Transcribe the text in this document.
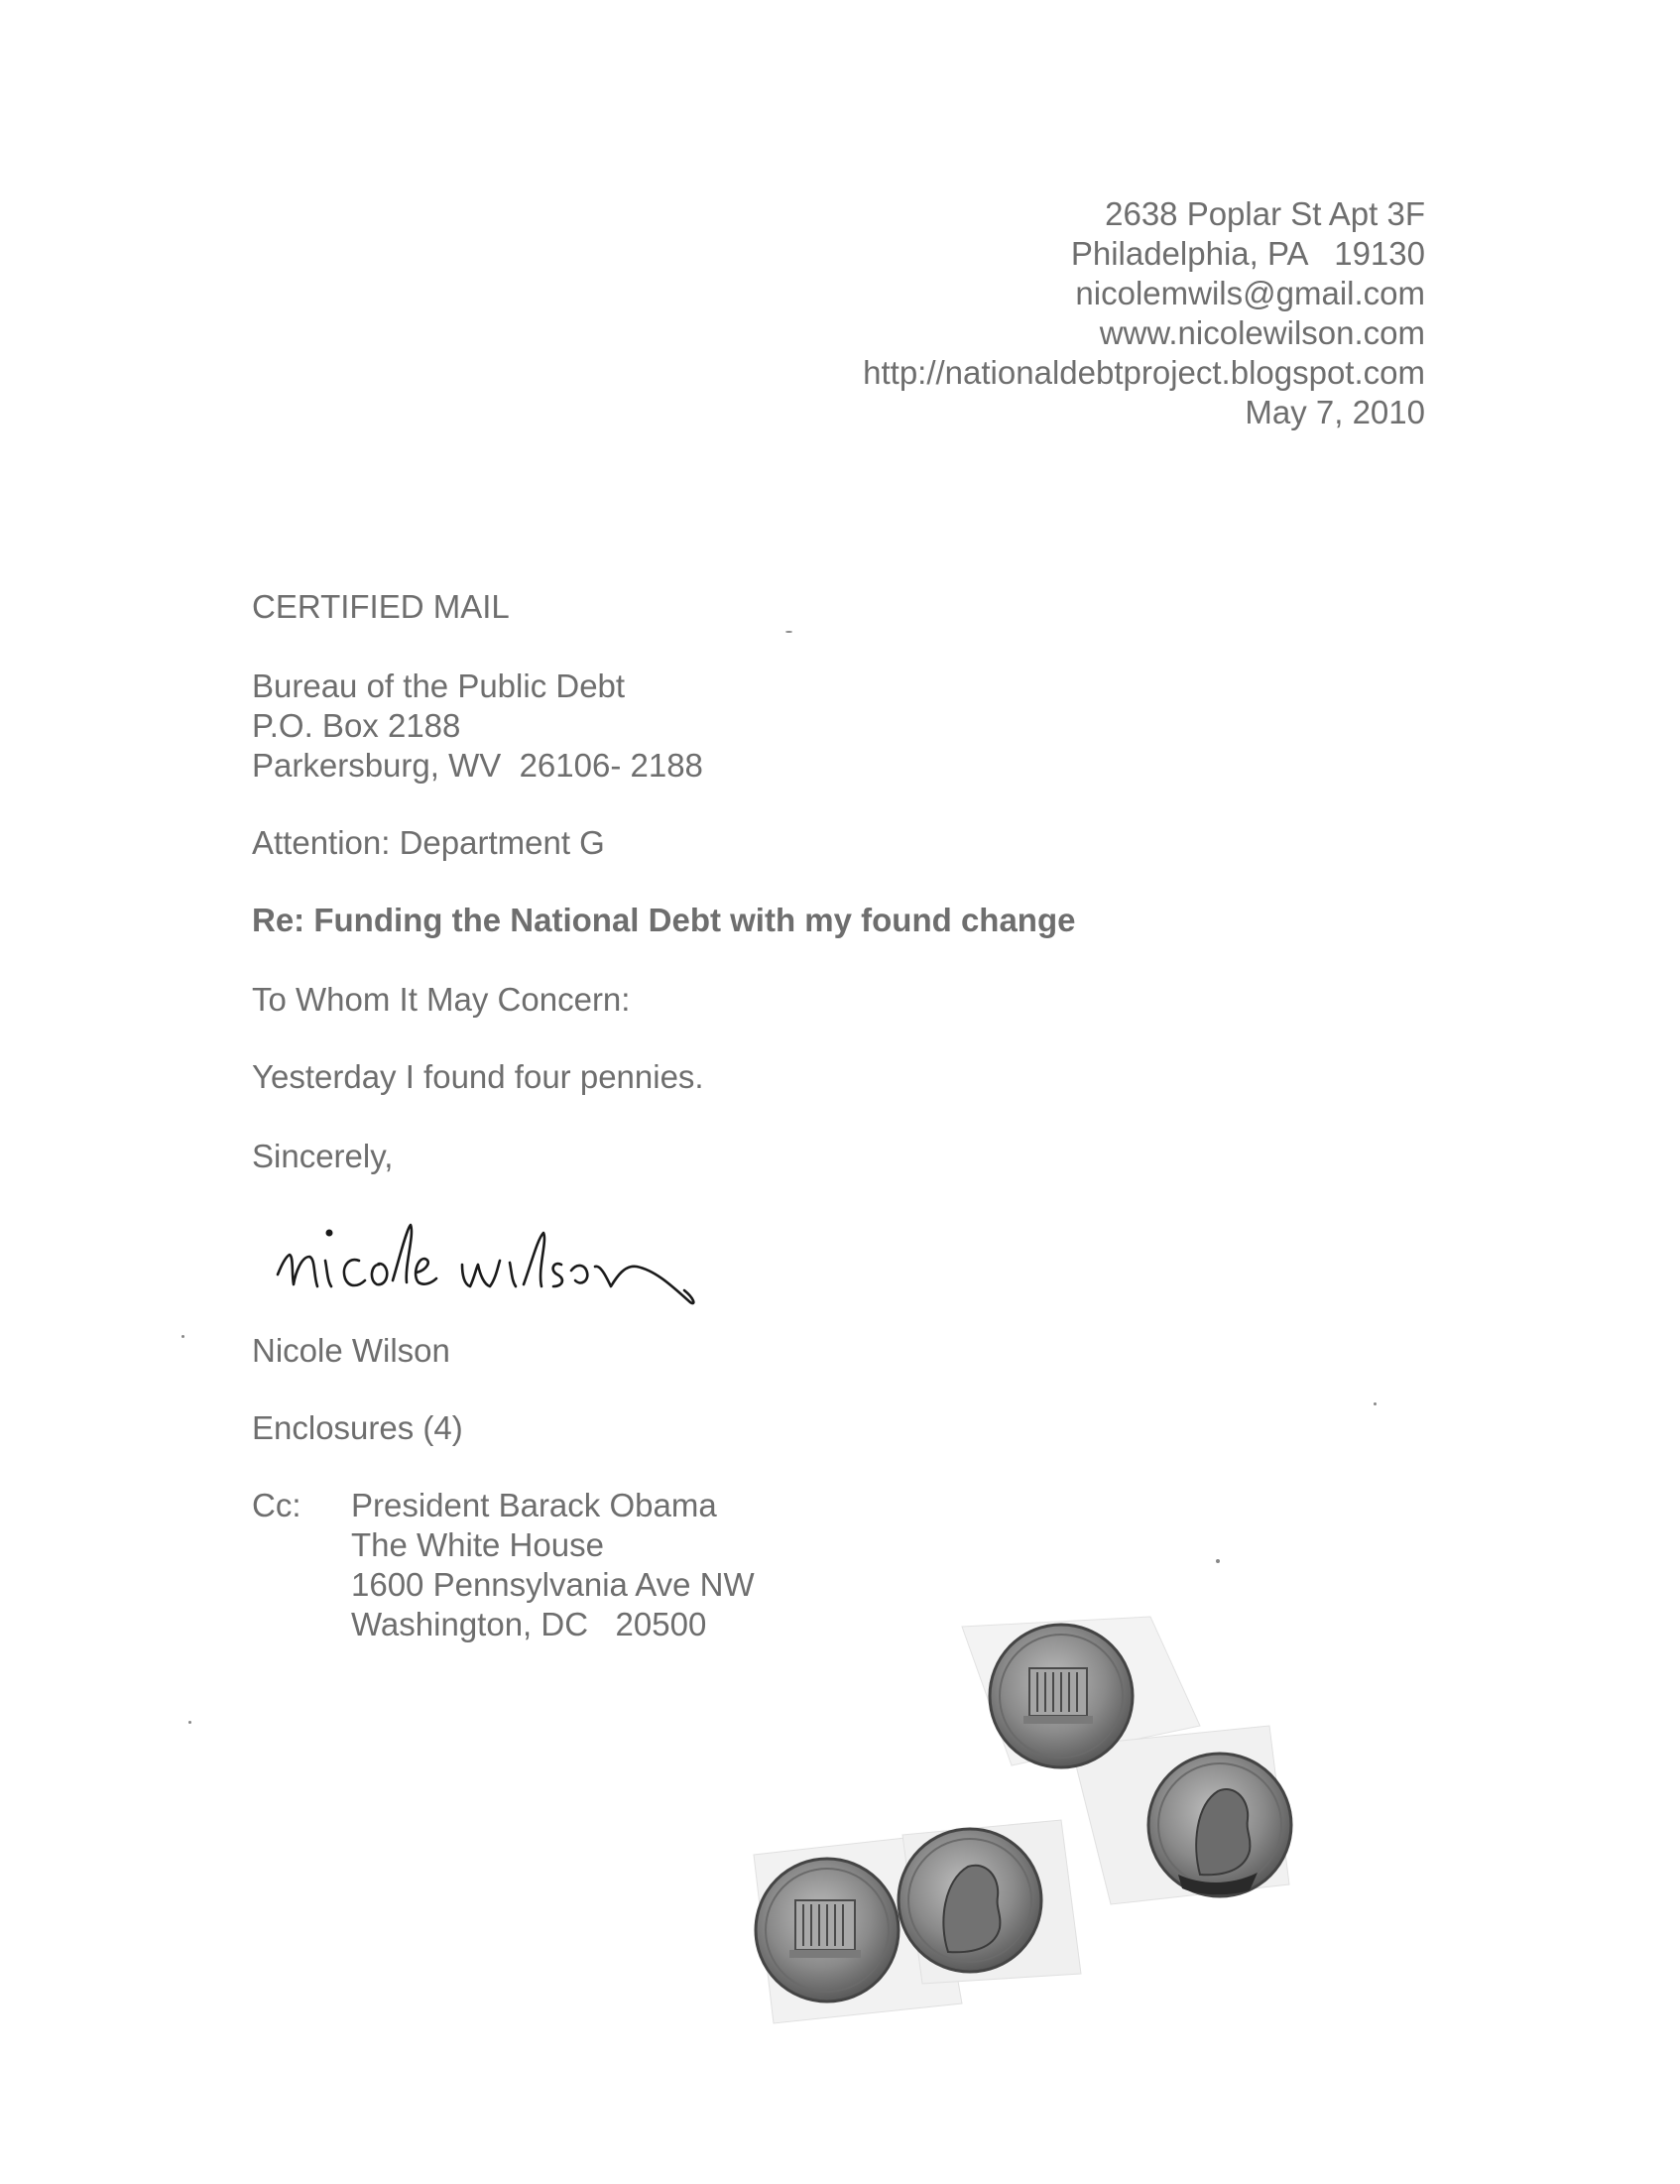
2638 Poplar St Apt 3F
Philadelphia, PA   19130
nicolemwils@gmail.com
www.nicolewilson.com
http://nationaldebtproject.blogspot.com
May 7, 2010
CERTIFIED MAIL
Bureau of the Public Debt
P.O. Box 2188
Parkersburg, WV  26106- 2188
Attention: Department G
Re: Funding the National Debt with my found change
To Whom It May Concern:
Yesterday I found four pennies.
Sincerely,
Nicole Wilson
Enclosures (4)
Cc: President Barack Obama
The White House
1600 Pennsylvania Ave NW
Washington, DC   20500
